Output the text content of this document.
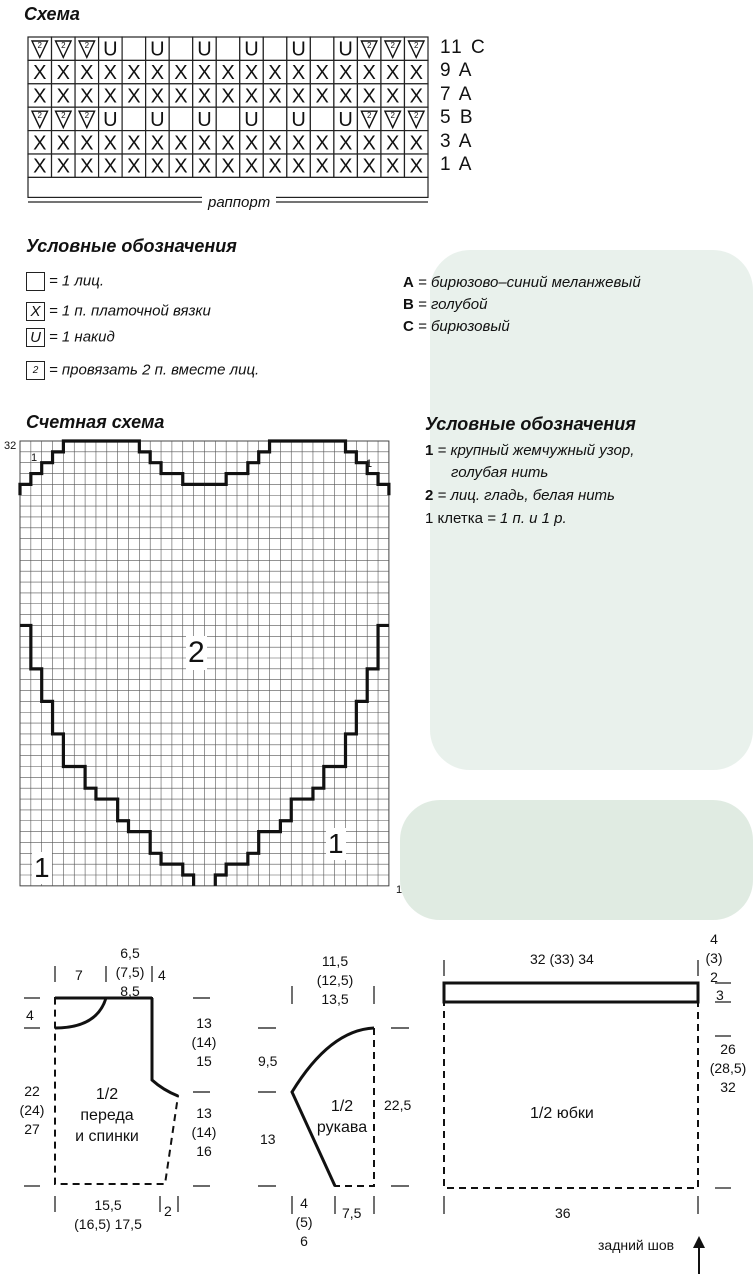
Схема
2 2 2 U U U U U U 2 2 2
X X X X X X X X X X X X X X X X X
X X X X X X X X X X X X X X X X X
2 2 2 U U U U U U 2 2 2
X X X X X X X X X X X X X X X X X
X X X X X X X X X X X X X X X X X
11 C
9 A
7 A
5 B
3 A
1 A
раппорт
Условные обозначения
= 1 лиц.
X = 1 п. платочной вязки
U = 1 накид
2 = провязать 2 п. вместе лиц.
A = бирюзово–синий меланжевый
B = голубой
C = бирюзовый
Счетная схема
32
1
1	1
2
1
1
Условные обозначения
1 = крупный жемчужный узор,
голубая нить
2 = лиц. гладь, белая нить
1 клетка = 1 п. и 1 р.
1/2
переда
и спинки
6,5
(7,5)
8,5
7	4
4
22
(24)
27
13
(14)
15
13
(14)
16
15,5
(16,5) 17,5
2
1/2
рукава
11,5
(12,5)
13,5
9,5
13
22,5
4
(5)
6
7,5
1/2 юбки
32 (33) 34
4
(3)
2
3
26
(28,5)
32
36
задний шов
